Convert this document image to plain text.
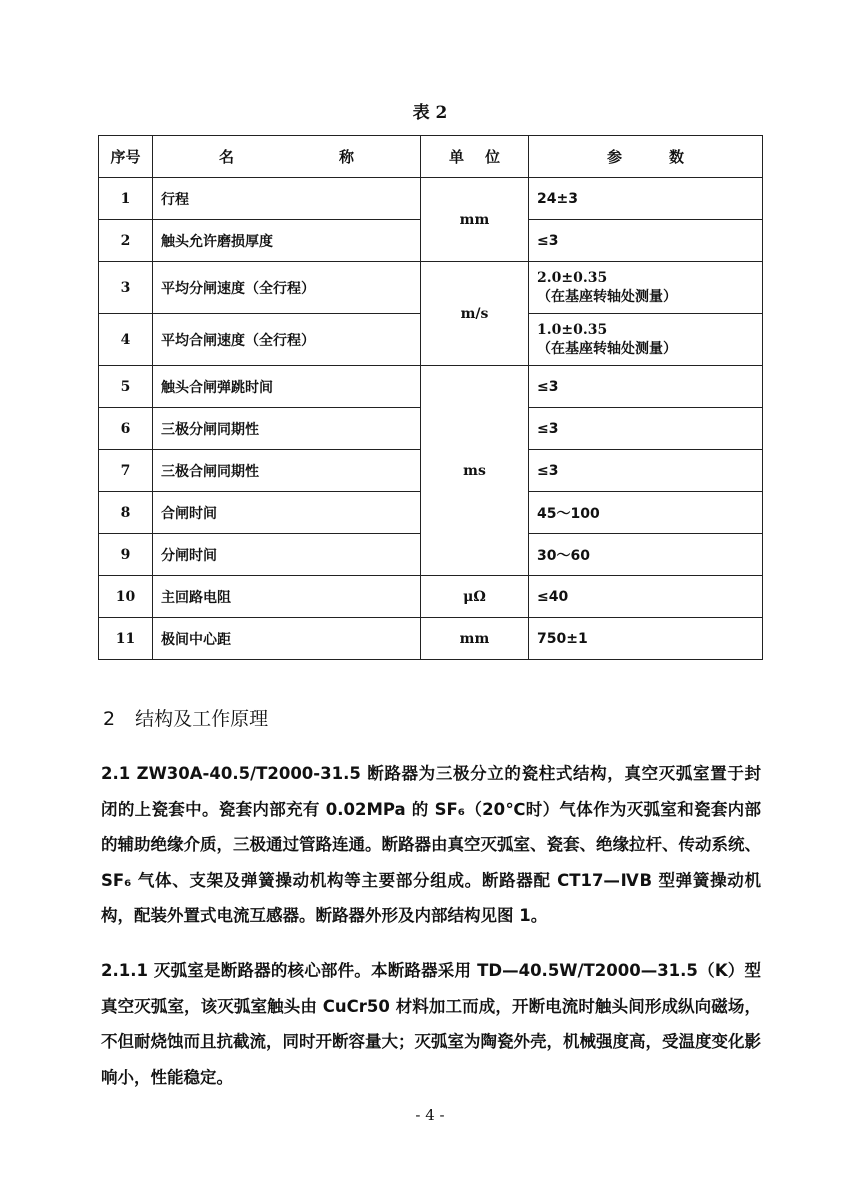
表 2
序号	名 称	单 位	参 数

1	行程	mm	24±3
2	触头允许磨损厚度		≤3
3	平均分闸速度（全行程）	m/s	2.0±0.35
（在基座转轴处测量）

4	平均合闸速度（全行程）		1.0±0.35
（在基座转轴处测量）

5	触头合闸弹跳时间	ms	≤3
6	三极分闸同期性		≤3
7	三极合闸同期性		≤3
8	合闸时间		45～100
9	分闸时间		30～60
10	主回路电阻	μΩ	≤40
11	极间中心距	mm	750±1
2 结构及工作原理
2.1 ZW30A-40.5/T2000-31.5 断路器为三极分立的瓷柱式结构，真空灭弧室置于封闭的上瓷套中。瓷套内部充有 0.02MPa 的 SF₆（20℃时）气体作为灭弧室和瓷套内部的辅助绝缘介质，三极通过管路连通。断路器由真空灭弧室、瓷套、绝缘拉杆、传动系统、SF₆ 气体、支架及弹簧操动机构等主要部分组成。断路器配 CT17—ⅣB 型弹簧操动机构，配装外置式电流互感器。断路器外形及内部结构见图 1。
2.1.1 灭弧室是断路器的核心部件。本断路器采用 TD—40.5W/T2000—31.5（K）型真空灭弧室，该灭弧室触头由 CuCr50 材料加工而成，开断电流时触头间形成纵向磁场，不但耐烧蚀而且抗截流，同时开断容量大；灭弧室为陶瓷外壳，机械强度高，受温度变化影响小，性能稳定。
- 4 -
